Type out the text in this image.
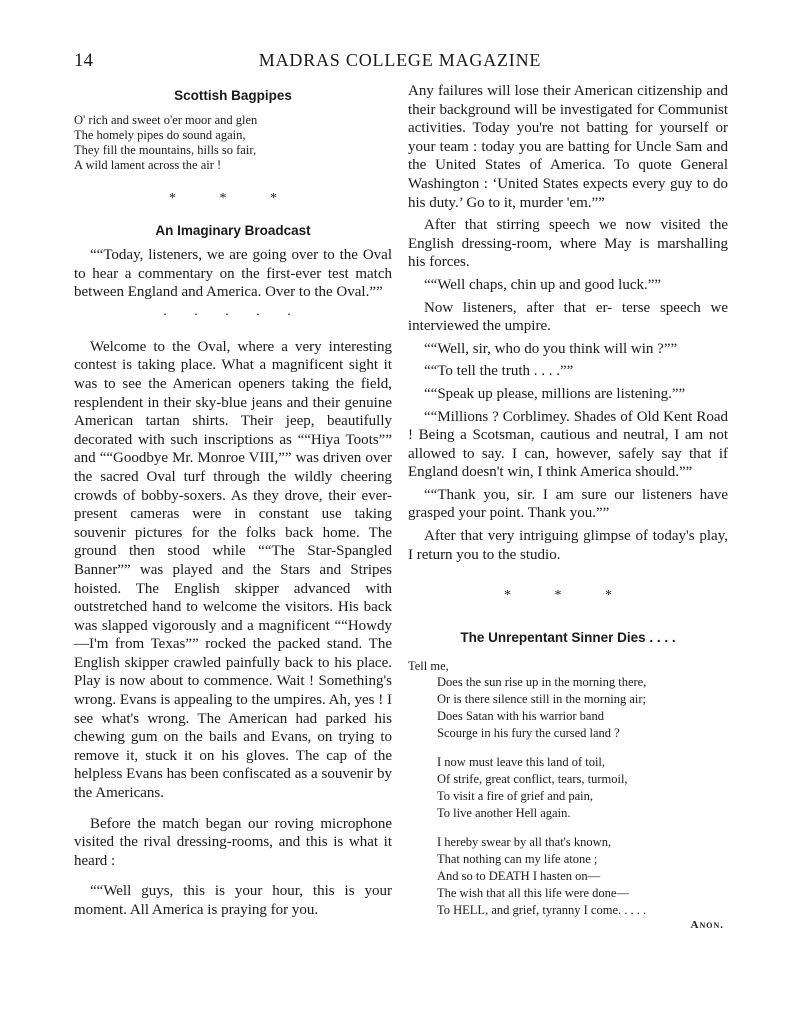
14	MADRAS COLLEGE MAGAZINE

Scottish Bagpipes

O' rich and sweet o'er moor and glen
The homely pipes do sound again,
They fill the mountains, hills so fair,
A wild lament across the air !
* * *

An Imaginary Broadcast

““Today, listeners, we are going over to the Oval to hear a commentary on the first-ever test match between England and America. Over to the Oval.””

. . . . .

Welcome to the Oval, where a very interesting contest is taking place. What a magnificent sight it was to see the American openers taking the field, resplendent in their sky-blue jeans and their genuine American tartan shirts. Their jeep, beautifully decorated with such inscriptions as ““Hiya Toots”” and ““Goodbye Mr. Monroe VIII,”” was driven over the sacred Oval turf through the wildly cheering crowds of bobby-soxers. As they drove, their ever-present cameras were in constant use taking souvenir pictures for the folks back home. The ground then stood while ““The Star-Spangled Banner”” was played and the Stars and Stripes hoisted. The English skipper advanced with outstretched hand to welcome the visitors. His back was slapped vigorously and a magnificent ““Howdy —I'm from Texas”” rocked the packed stand. The English skipper crawled painfully back to his place. Play is now about to commence. Wait ! Something's wrong. Evans is appealing to the umpires. Ah, yes ! I see what's wrong. The American had parked his chewing gum on the bails and Evans, on trying to remove it, stuck it on his gloves. The cap of the helpless Evans has been confiscated as a souvenir by the Americans.

Before the match began our roving microphone visited the rival dressing-rooms, and this is what it heard :

““Well guys, this is your hour, this is your moment. All America is praying for you.

Any failures will lose their American citizenship and their background will be investigated for Communist activities. Today you're not batting for yourself or your team : today you are batting for Uncle Sam and the United States of America. To quote General Washington : ‘United States expects every guy to do his duty.’ Go to it, murder 'em.””

After that stirring speech we now visited the English dressing-room, where May is marshalling his forces.

““Well chaps, chin up and good luck.””

Now listeners, after that er- terse speech we interviewed the umpire.

““Well, sir, who do you think will win ?””

““To tell the truth . . . .””

““Speak up please, millions are listening.””

““Millions ? Corblimey. Shades of Old Kent Road ! Being a Scotsman, cautious and neutral, I am not allowed to say. I can, however, safely say that if England doesn't win, I think America should.””

““Thank you, sir. I am sure our listeners have grasped your point. Thank you.””

After that very intriguing glimpse of today's play, I return you to the studio.

* * *

The Unrepentant Sinner Dies . . . .

Tell me,

Does the sun rise up in the morning there,
Or is there silence still in the morning air;
Does Satan with his warrior band
Scourge in his fury the cursed land ?
I now must leave this land of toil,
Of strife, great conflict, tears, turmoil,
To visit a fire of grief and pain,
To live another Hell again.
I hereby swear by all that's known,
That nothing can my life atone ;
And so to DEATH I hasten on—
The wish that all this life were done—
To HELL, and grief, tyranny I come. . . . .
Anon.
